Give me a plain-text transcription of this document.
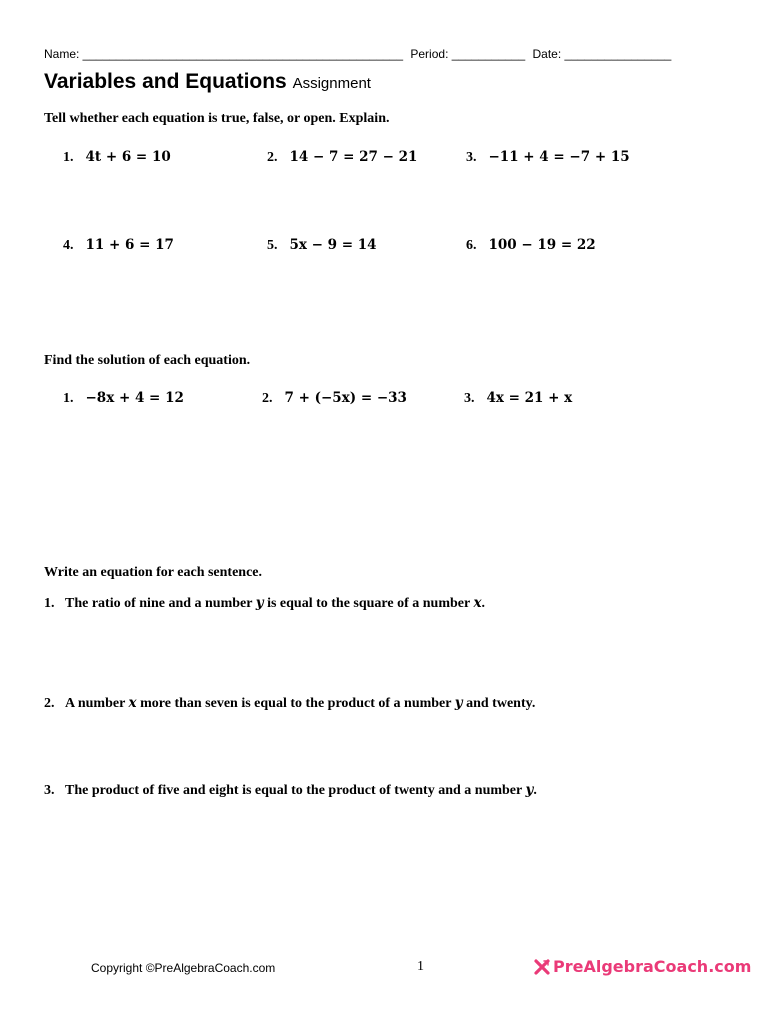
Name: ________________________________________________ Period: ___________ Date: ________________
Variables and Equations Assignment
Tell whether each equation is true, false, or open. Explain.
1. 4t + 6 = 10	2. 14 − 7 = 27 − 21	3. −11 + 4 = −7 + 15
4. 11 + 6 = 17	5. 5x − 9 = 14	6. 100 − 19 = 22
Find the solution of each equation.
1. −8x + 4 = 12	2. 7 + (−5x) = −33	3. 4x = 21 + x
Write an equation for each sentence.
1. The ratio of nine and a number y is equal to the square of a number x.
2. A number x more than seven is equal to the product of a number y and twenty.
3. The product of five and eight is equal to the product of twenty and a number y.
Copyright ©PreAlgebraCoach.com	1	PreAlgebraCoach.com
